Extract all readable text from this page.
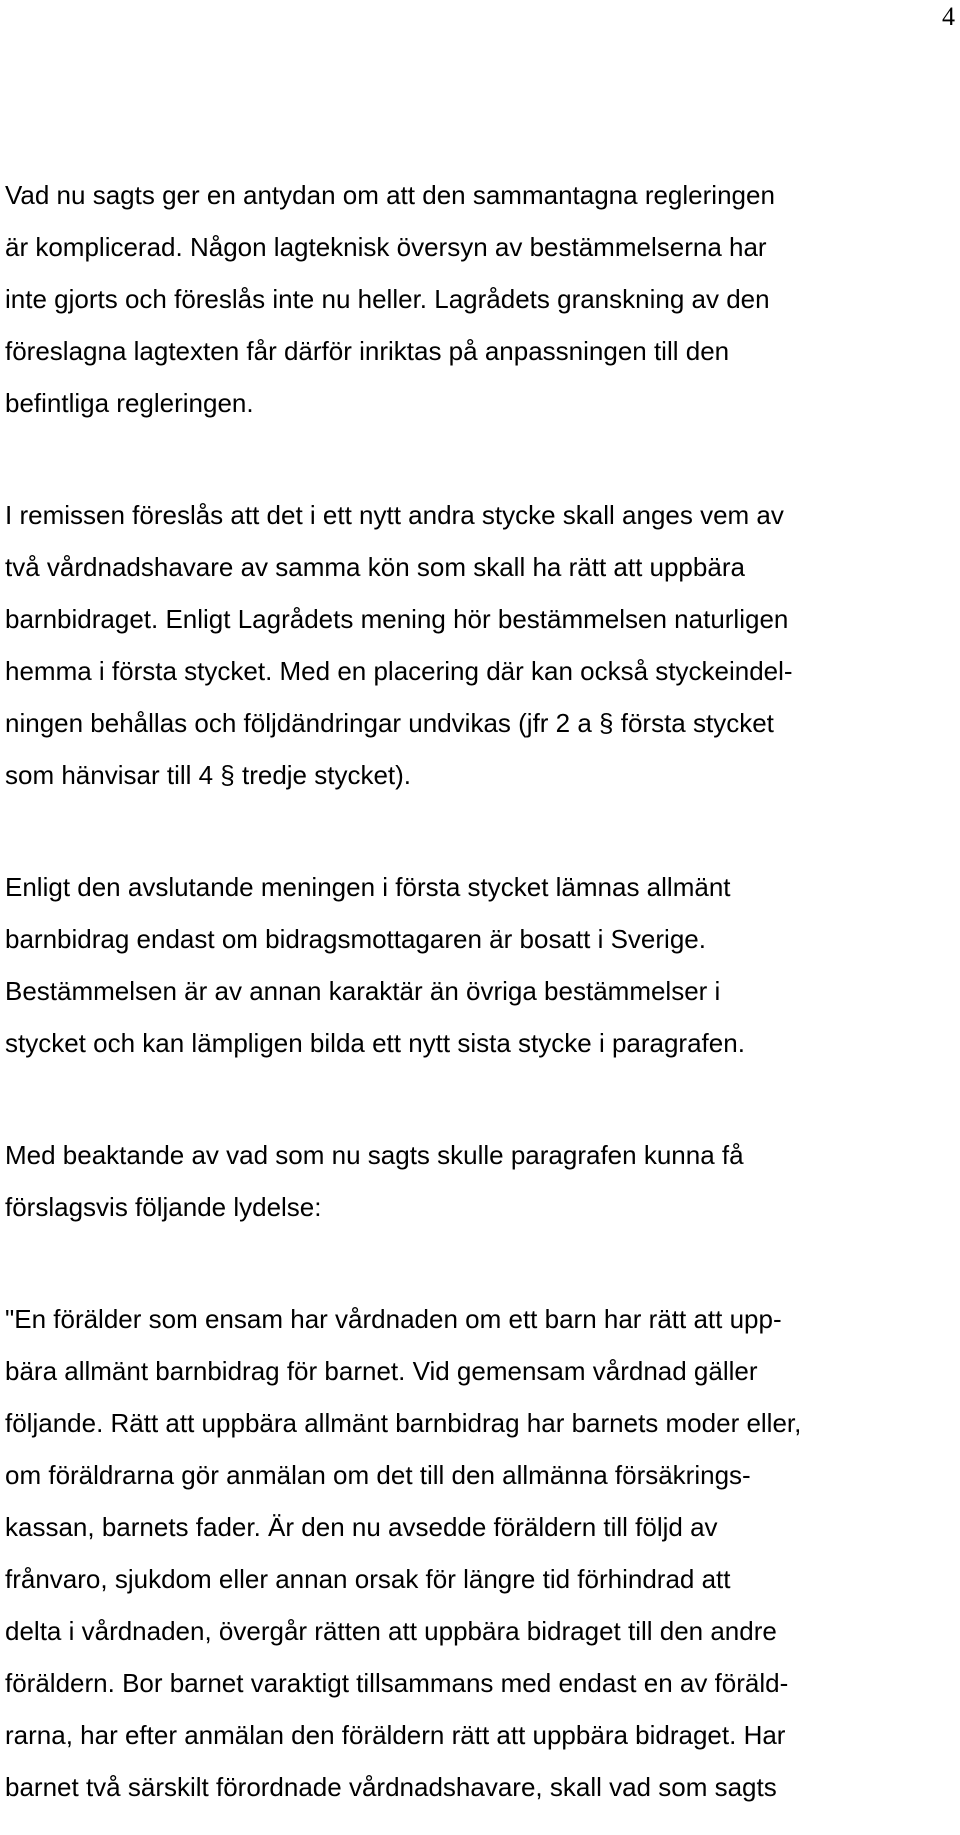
4

Vad nu sagts ger en antydan om att den sammantagna regleringen

är komplicerad. Någon lagteknisk översyn av bestämmelserna har

inte gjorts och föreslås inte nu heller. Lagrådets granskning av den

föreslagna lagtexten får därför inriktas på anpassningen till den

befintliga regleringen.

I remissen föreslås att det i ett nytt andra stycke skall anges vem av

två vårdnadshavare av samma kön som skall ha rätt att uppbära

barnbidraget. Enligt Lagrådets mening hör bestämmelsen naturligen

hemma i första stycket. Med en placering där kan också styckeindel-

ningen behållas och följdändringar undvikas (jfr 2 a § första stycket

som hänvisar till 4 § tredje stycket).

Enligt den avslutande meningen i första stycket lämnas allmänt

barnbidrag endast om bidragsmottagaren är bosatt i Sverige.

Bestämmelsen är av annan karaktär än övriga bestämmelser i

stycket och kan lämpligen bilda ett nytt sista stycke i paragrafen.

Med beaktande av vad som nu sagts skulle paragrafen kunna få

förslagsvis följande lydelse:

"En förälder som ensam har vårdnaden om ett barn har rätt att upp-

bära allmänt barnbidrag för barnet. Vid gemensam vårdnad gäller

följande. Rätt att uppbära allmänt barnbidrag har barnets moder eller,

om föräldrarna gör anmälan om det till den allmänna försäkrings-

kassan, barnets fader. Är den nu avsedde föräldern till följd av

frånvaro, sjukdom eller annan orsak för längre tid förhindrad att

delta i vårdnaden, övergår rätten att uppbära bidraget till den andre

föräldern. Bor barnet varaktigt tillsammans med endast en av föräld-

rarna, har efter anmälan den föräldern rätt att uppbära bidraget. Har

barnet två särskilt förordnade vårdnadshavare, skall vad som sagts
